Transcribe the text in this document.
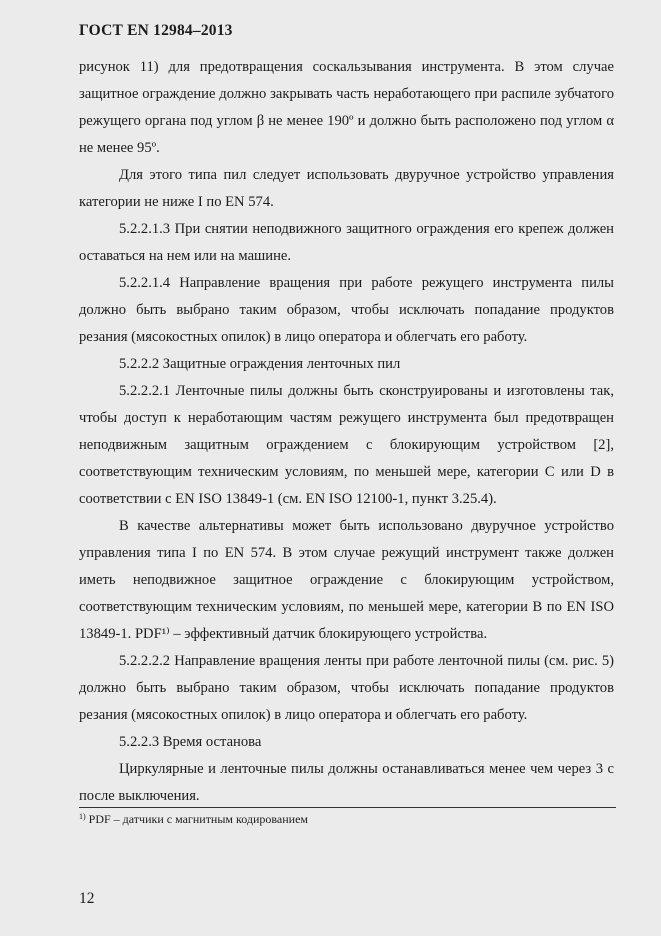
ГОСТ EN 12984–2013

рисунок 11) для предотвращения соскальзывания инструмента. В этом случае защитное ограждение должно закрывать часть неработающего при распиле зубчатого режущего органа под углом β не менее 190º и должно быть расположено под углом α не менее 95º.

Для этого типа пил следует использовать двуручное устройство управления категории не ниже I по EN 574.

5.2.2.1.3 При снятии неподвижного защитного ограждения его крепеж должен оставаться на нем или на машине.

5.2.2.1.4 Направление вращения при работе режущего инструмента пилы должно быть выбрано таким образом, чтобы исключать попадание продуктов резания (мясокостных опилок) в лицо оператора и облегчать его работу.

5.2.2.2 Защитные ограждения ленточных пил

5.2.2.2.1 Ленточные пилы должны быть сконструированы и изготовлены так, чтобы доступ к неработающим частям режущего инструмента был предотвращен неподвижным защитным ограждением с блокирующим устройством [2], соответствующим техническим условиям, по меньшей мере, категории C или D в соответствии с EN ISO 13849-1 (см. EN ISO 12100-1, пункт 3.25.4).

В качестве альтернативы может быть использовано двуручное устройство управления типа I по EN 574. В этом случае режущий инструмент также должен иметь неподвижное защитное ограждение с блокирующим устройством, соответствующим техническим условиям, по меньшей мере, категории B по EN ISO 13849-1. PDF¹⁾ – эффективный датчик блокирующего устройства.

5.2.2.2.2 Направление вращения ленты при работе ленточной пилы (см. рис. 5) должно быть выбрано таким образом, чтобы исключать попадание продуктов резания (мясокостных опилок) в лицо оператора и облегчать его работу.

5.2.2.3 Время останова

Циркулярные и ленточные пилы должны останавливаться менее чем через 3 с после выключения.

$^{1)}$ PDF – датчики с магнитным кодированием
12
